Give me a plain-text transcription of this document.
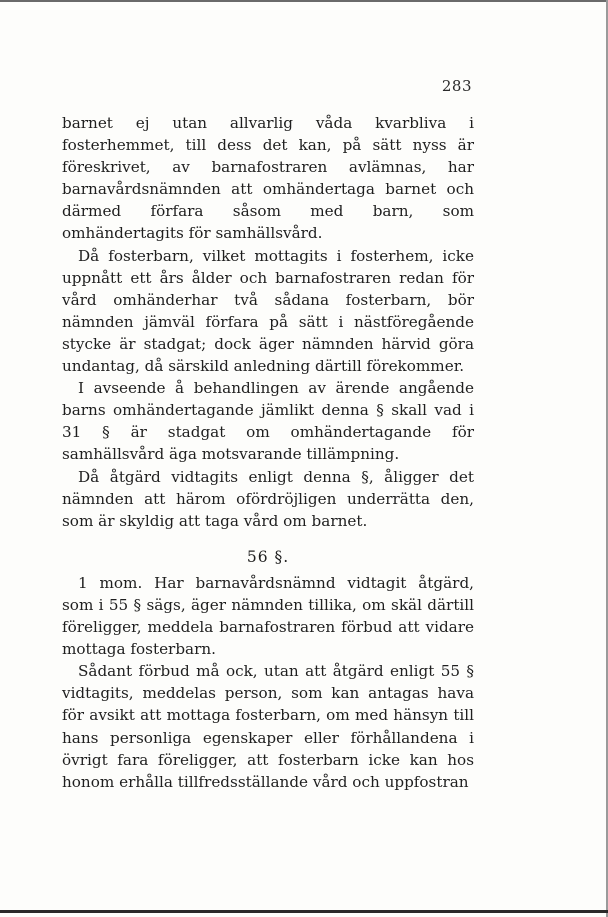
283

barnet ej utan allvarlig våda kvarbliva i fosterhemmet, till dess det kan, på sätt nyss är föreskrivet, av barnafostraren avlämnas, har barnavårdsnämnden att omhändertaga barnet och därmed förfara såsom med barn, som omhändertagits för samhällsvård.

Då fosterbarn, vilket mottagits i fosterhem, icke uppnått ett års ålder och barnafostraren redan för vård omhänderhar två sådana fosterbarn, bör nämnden jämväl förfara på sätt i nästföregående stycke är stadgat; dock äger nämnden härvid göra undantag, då särskild anledning därtill förekommer.

I avseende å behandlingen av ärende angående barns omhändertagande jämlikt denna § skall vad i 31 § är stadgat om omhändertagande för samhällsvård äga motsvarande tillämpning.

Då åtgärd vidtagits enligt denna §, åligger det nämnden att härom ofördröjligen underrätta den, som är skyldig att taga vård om barnet.

56 §.

1 mom. Har barnavårdsnämnd vidtagit åtgärd, som i 55 § sägs, äger nämnden tillika, om skäl därtill föreligger, meddela barnafostraren förbud att vidare mottaga fosterbarn.

Sådant förbud må ock, utan att åtgärd enligt 55 § vidtagits, meddelas person, som kan antagas hava för avsikt att mottaga fosterbarn, om med hänsyn till hans personliga egenskaper eller förhållandena i övrigt fara föreligger, att fosterbarn icke kan hos honom erhålla tillfredsställande vård och uppfostran
